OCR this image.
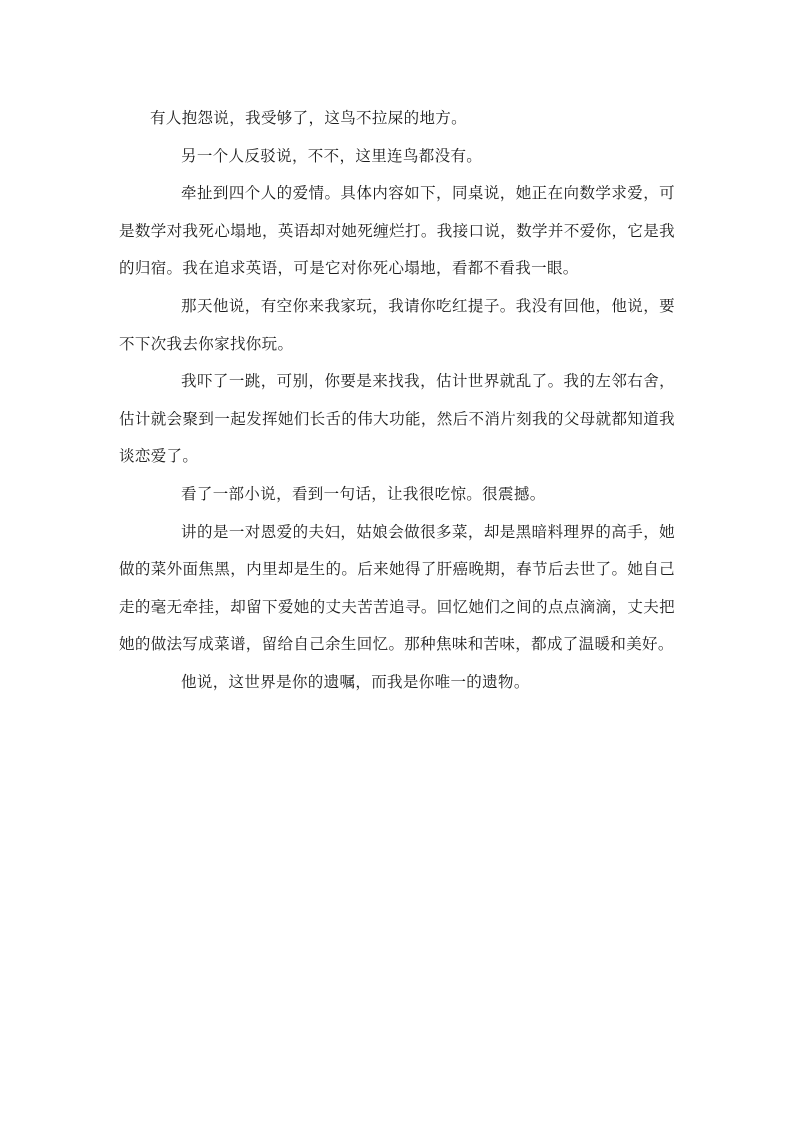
有人抱怨说，我受够了，这鸟不拉屎的地方。

另一个人反驳说，不不，这里连鸟都没有。

牵扯到四个人的爱情。具体内容如下，同桌说，她正在向数学求爱，可是数学对我死心塌地，英语却对她死缠烂打。我接口说，数学并不爱你，它是我的归宿。我在追求英语，可是它对你死心塌地，看都不看我一眼。

那天他说，有空你来我家玩，我请你吃红提子。我没有回他，他说，要不下次我去你家找你玩。

我吓了一跳，可别，你要是来找我，估计世界就乱了。我的左邻右舍，估计就会聚到一起发挥她们长舌的伟大功能，然后不消片刻我的父母就都知道我谈恋爱了。

看了一部小说，看到一句话，让我很吃惊。很震撼。

讲的是一对恩爱的夫妇，姑娘会做很多菜，却是黑暗料理界的高手，她做的菜外面焦黑，内里却是生的。后来她得了肝癌晚期，春节后去世了。她自己走的毫无牵挂，却留下爱她的丈夫苦苦追寻。回忆她们之间的点点滴滴，丈夫把她的做法写成菜谱，留给自己余生回忆。那种焦味和苦味，都成了温暖和美好。

他说，这世界是你的遗嘱，而我是你唯一的遗物。
